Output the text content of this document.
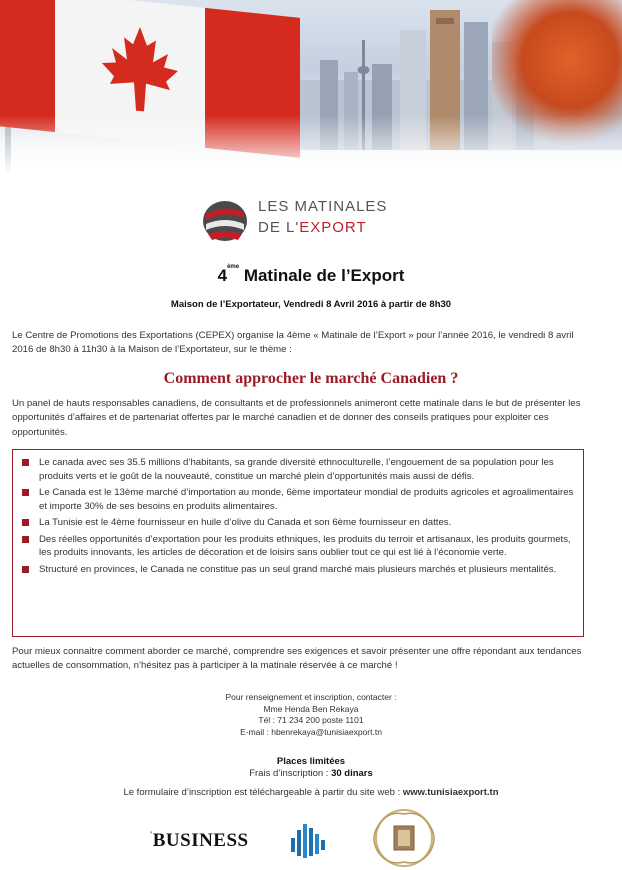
LES MATINALES
DE L'EXPORT
4ème Matinale de l’Export
Maison de l’Exportateur, Vendredi 8 Avril 2016 à partir de 8h30
Le Centre de Promotions des Exportations (CEPEX) organise la 4ème « Matinale de l’Export » pour l’année 2016, le vendredi 8 avril 2016 de 8h30 à 11h30 à la Maison de l’Exportateur, sur le thème :
Comment approcher le marché Canadien ?
Un panel de hauts responsables canadiens, de consultants et de professionnels animeront cette matinale dans le but de présenter les opportunités d’affaires et de partenariat offertes par le marché canadien et de donner des conseils pratiques pour exploiter ces opportunités.
Le canada avec ses 35.5 millions d’habitants, sa grande diversité ethnoculturelle, l’engouement de sa population pour les produits verts et le goût de la nouveauté, constitue un marché plein d’opportunités mais aussi de défis.
Le Canada est le 13ème marché d’importation au monde, 6ème importateur mondial de produits agricoles et agroalimentaires et importe 30% de ses besoins en produits alimentaires.
La Tunisie est le 4ème fournisseur en huile d’olive du Canada et son 6ème fournisseur en dattes.
Des réelles opportunités d’exportation pour les produits ethniques, les produits du terroir et artisanaux, les produits gourmets, les produits innovants, les articles de décoration et de loisirs sans oublier tout ce qui est lié à l’économie verte.
Structuré en provinces, le Canada ne constitue pas un seul grand marché mais plusieurs marchés et plusieurs mentalités.
Pour mieux connaitre comment aborder ce marché, comprendre ses exigences et savoir présenter une offre répondant aux tendances actuelles de consommation, n’hésitez pas à participer à la matinale réservée à ce marché !
Pour renseignement et inscription, contacter :
Mme Henda Ben Rekaya
Tél : 71 234 200 poste 1101
E-mail : hbenrekaya@tunisiaexport.tn
Places limitées
Frais d’inscription : 30 dinars
Le formulaire d’inscription est téléchargeable à partir du site web : www.tunisiaexport.tn
'BUSINESS
